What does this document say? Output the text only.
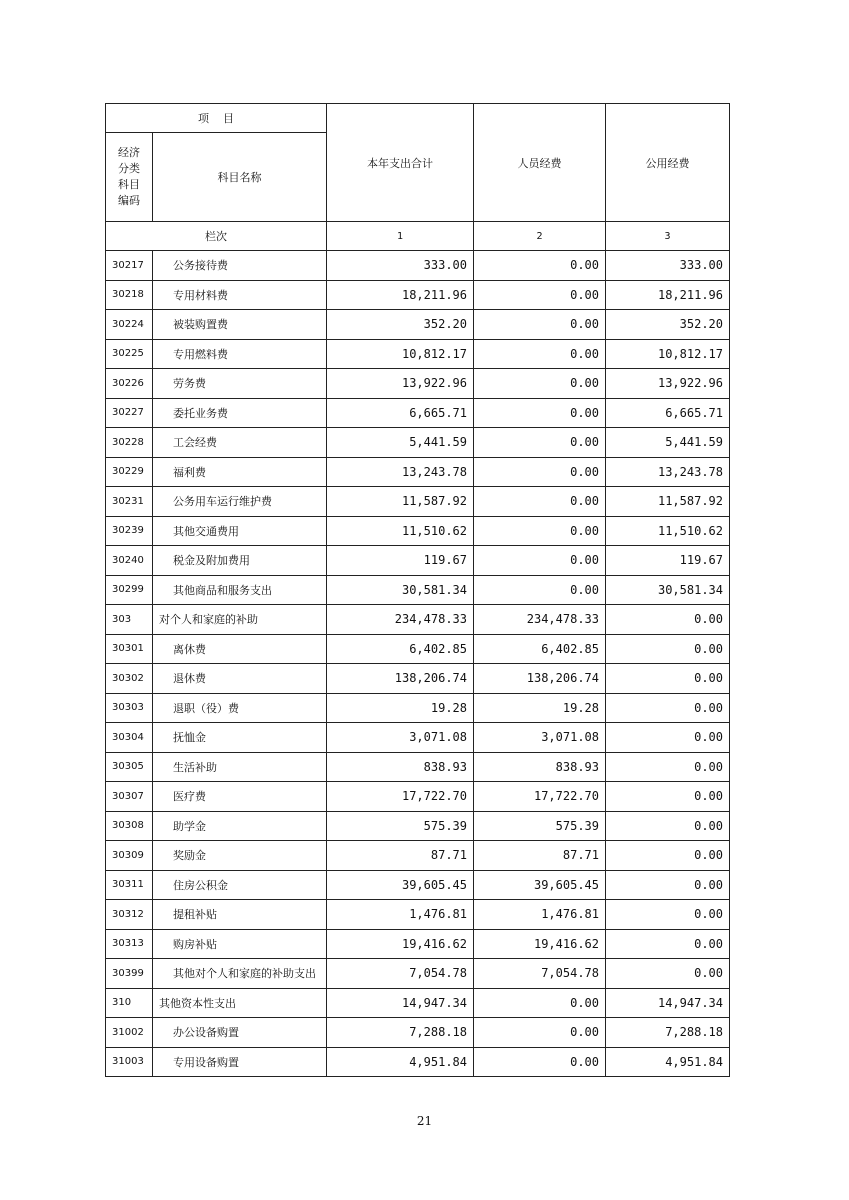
项    目		本年支出合计	人员经费	公用经费
经济
分类
科目
编码	科目名称			
栏次		1	2	3
30217	公务接待费	333.00	0.00	333.00
30218	专用材料费	18,211.96	0.00	18,211.96
30224	被装购置费	352.20	0.00	352.20
30225	专用燃料费	10,812.17	0.00	10,812.17
30226	劳务费	13,922.96	0.00	13,922.96
30227	委托业务费	6,665.71	0.00	6,665.71
30228	工会经费	5,441.59	0.00	5,441.59
30229	福利费	13,243.78	0.00	13,243.78
30231	公务用车运行维护费	11,587.92	0.00	11,587.92
30239	其他交通费用	11,510.62	0.00	11,510.62
30240	税金及附加费用	119.67	0.00	119.67
30299	其他商品和服务支出	30,581.34	0.00	30,581.34
303	对个人和家庭的补助	234,478.33	234,478.33	0.00
30301	离休费	6,402.85	6,402.85	0.00
30302	退休费	138,206.74	138,206.74	0.00
30303	退职（役）费	19.28	19.28	0.00
30304	抚恤金	3,071.08	3,071.08	0.00
30305	生活补助	838.93	838.93	0.00
30307	医疗费	17,722.70	17,722.70	0.00
30308	助学金	575.39	575.39	0.00
30309	奖励金	87.71	87.71	0.00
30311	住房公积金	39,605.45	39,605.45	0.00
30312	提租补贴	1,476.81	1,476.81	0.00
30313	购房补贴	19,416.62	19,416.62	0.00
30399	其他对个人和家庭的补助支出	7,054.78	7,054.78	0.00
310	其他资本性支出	14,947.34	0.00	14,947.34
31002	办公设备购置	7,288.18	0.00	7,288.18
31003	专用设备购置	4,951.84	0.00	4,951.84
21
